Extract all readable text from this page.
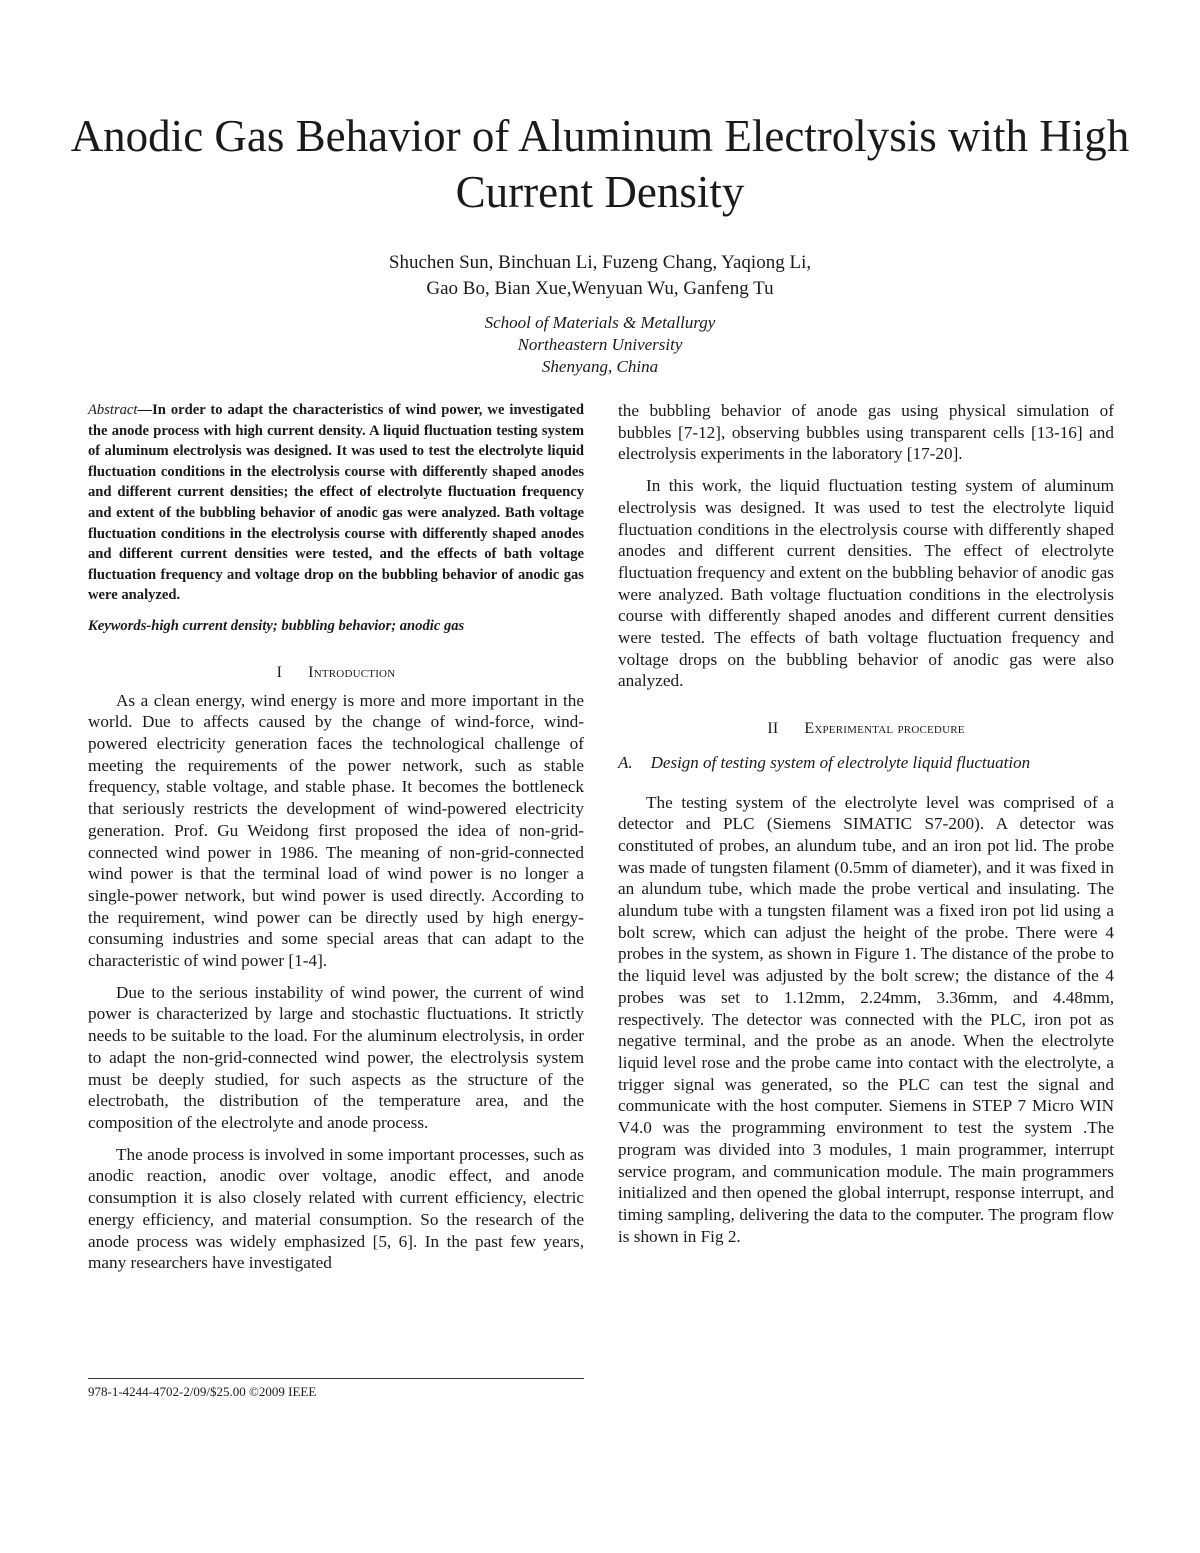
Anodic Gas Behavior of Aluminum Electrolysis with High Current Density
Shuchen Sun, Binchuan Li, Fuzeng Chang, Yaqiong Li,
Gao Bo, Bian Xue,Wenyuan Wu, Ganfeng Tu
School of Materials & Metallurgy
Northeastern University
Shenyang, China

Abstract—In order to adapt the characteristics of wind power, we investigated the anode process with high current density. A liquid fluctuation testing system of aluminum electrolysis was designed. It was used to test the electrolyte liquid fluctuation conditions in the electrolysis course with differently shaped anodes and different current densities; the effect of electrolyte fluctuation frequency and extent of the bubbling behavior of anodic gas were analyzed. Bath voltage fluctuation conditions in the electrolysis course with differently shaped anodes and different current densities were tested, and the effects of bath voltage fluctuation frequency and voltage drop on the bubbling behavior of anodic gas were analyzed.

Keywords-high current density; bubbling behavior; anodic gas

I Introduction

As a clean energy, wind energy is more and more important in the world. Due to affects caused by the change of wind-force, wind-powered electricity generation faces the technological challenge of meeting the requirements of the power network, such as stable frequency, stable voltage, and stable phase. It becomes the bottleneck that seriously restricts the development of wind-powered electricity generation. Prof. Gu Weidong first proposed the idea of non-grid-connected wind power in 1986. The meaning of non-grid-connected wind power is that the terminal load of wind power is no longer a single-power network, but wind power is used directly. According to the requirement, wind power can be directly used by high energy-consuming industries and some special areas that can adapt to the characteristic of wind power [1-4].

Due to the serious instability of wind power, the current of wind power is characterized by large and stochastic fluctuations. It strictly needs to be suitable to the load. For the aluminum electrolysis, in order to adapt the non-grid-connected wind power, the electrolysis system must be deeply studied, for such aspects as the structure of the electrobath, the distribution of the temperature area, and the composition of the electrolyte and anode process.

The anode process is involved in some important processes, such as anodic reaction, anodic over voltage, anodic effect, and anode consumption it is also closely related with current efficiency, electric energy efficiency, and material consumption. So the research of the anode process was widely emphasized [5, 6]. In the past few years, many researchers have investigated

the bubbling behavior of anode gas using physical simulation of bubbles [7-12], observing bubbles using transparent cells [13-16] and electrolysis experiments in the laboratory [17-20].

In this work, the liquid fluctuation testing system of aluminum electrolysis was designed. It was used to test the electrolyte liquid fluctuation conditions in the electrolysis course with differently shaped anodes and different current densities. The effect of electrolyte fluctuation frequency and extent on the bubbling behavior of anodic gas were analyzed. Bath voltage fluctuation conditions in the electrolysis course with differently shaped anodes and different current densities were tested. The effects of bath voltage fluctuation frequency and voltage drops on the bubbling behavior of anodic gas were also analyzed.

II Experimental procedure

A. Design of testing system of electrolyte liquid fluctuation

The testing system of the electrolyte level was comprised of a detector and PLC (Siemens SIMATIC S7-200). A detector was constituted of probes, an alundum tube, and an iron pot lid. The probe was made of tungsten filament (0.5mm of diameter), and it was fixed in an alundum tube, which made the probe vertical and insulating. The alundum tube with a tungsten filament was a fixed iron pot lid using a bolt screw, which can adjust the height of the probe. There were 4 probes in the system, as shown in Figure 1. The distance of the probe to the liquid level was adjusted by the bolt screw; the distance of the 4 probes was set to 1.12mm, 2.24mm, 3.36mm, and 4.48mm, respectively. The detector was connected with the PLC, iron pot as negative terminal, and the probe as an anode. When the electrolyte liquid level rose and the probe came into contact with the electrolyte, a trigger signal was generated, so the PLC can test the signal and communicate with the host computer. Siemens in STEP 7 Micro WIN V4.0 was the programming environment to test the system .The program was divided into 3 modules, 1 main programmer, interrupt service program, and communication module. The main programmers initialized and then opened the global interrupt, response interrupt, and timing sampling, delivering the data to the computer. The program flow is shown in Fig 2.

978-1-4244-4702-2/09/$25.00 ©2009 IEEE
